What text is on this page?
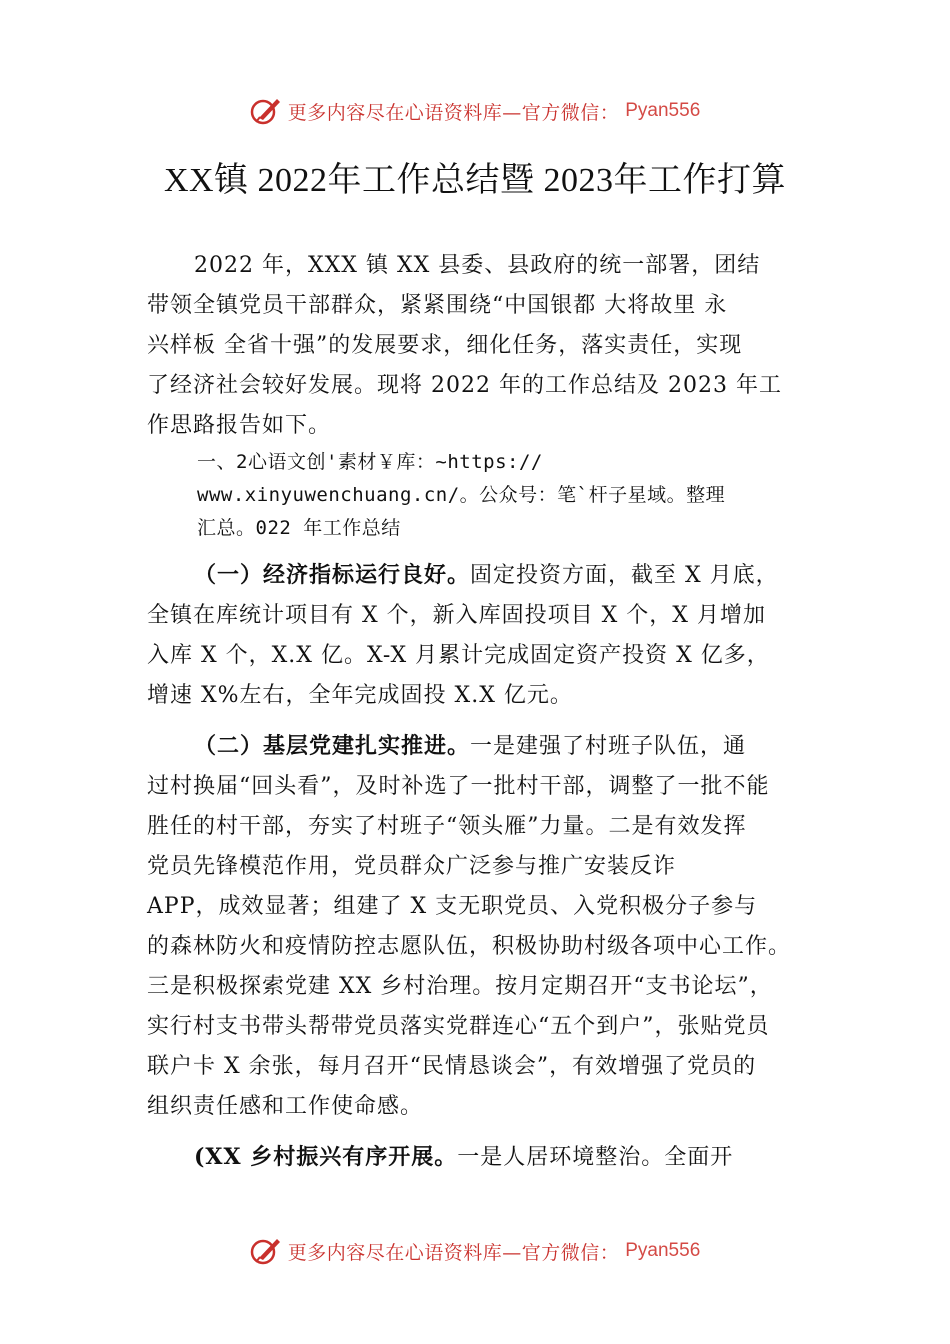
更多内容尽在心语资料库—官方微信： Pyan556
XX镇 2022年工作总结暨 2023年工作打算
2022 年，XXX 镇 XX 县委、县政府的统一部署，团结
带领全镇党员干部群众，紧紧围绕“中国银都 大将故里 永
兴样板 全省十强”的发展要求，细化任务，落实责任，实现
了经济社会较好发展。现将 2022 年的工作总结及 2023 年工
作思路报告如下。
一、2心语文创'素材￥库：~https://
www.xinyuwenchuang.cn/。公众号：笔`杆子星域。整理
汇总。022 年工作总结
（一）经济指标运行良好。固定投资方面，截至 X 月底，
全镇在库统计项目有 X 个，新入库固投项目 X 个，X 月增加
入库 X 个，X.X 亿。X-X 月累计完成固定资产投资 X 亿多，
增速 X%左右，全年完成固投 X.X 亿元。
（二）基层党建扎实推进。一是建强了村班子队伍，通
过村换届“回头看”，及时补选了一批村干部，调整了一批不能
胜任的村干部，夯实了村班子“领头雁”力量。二是有效发挥
党员先锋模范作用，党员群众广泛参与推广安装反诈
APP，成效显著；组建了 X 支无职党员、入党积极分子参与
的森林防火和疫情防控志愿队伍，积极协助村级各项中心工作。
三是积极探索党建 XX 乡村治理。按月定期召开“支书论坛”，
实行村支书带头帮带党员落实党群连心“五个到户”，张贴党员
联户卡 X 余张，每月召开“民情恳谈会”，有效增强了党员的
组织责任感和工作使命感。
(XX 乡村振兴有序开展。一是人居环境整治。全面开
更多内容尽在心语资料库—官方微信： Pyan556
